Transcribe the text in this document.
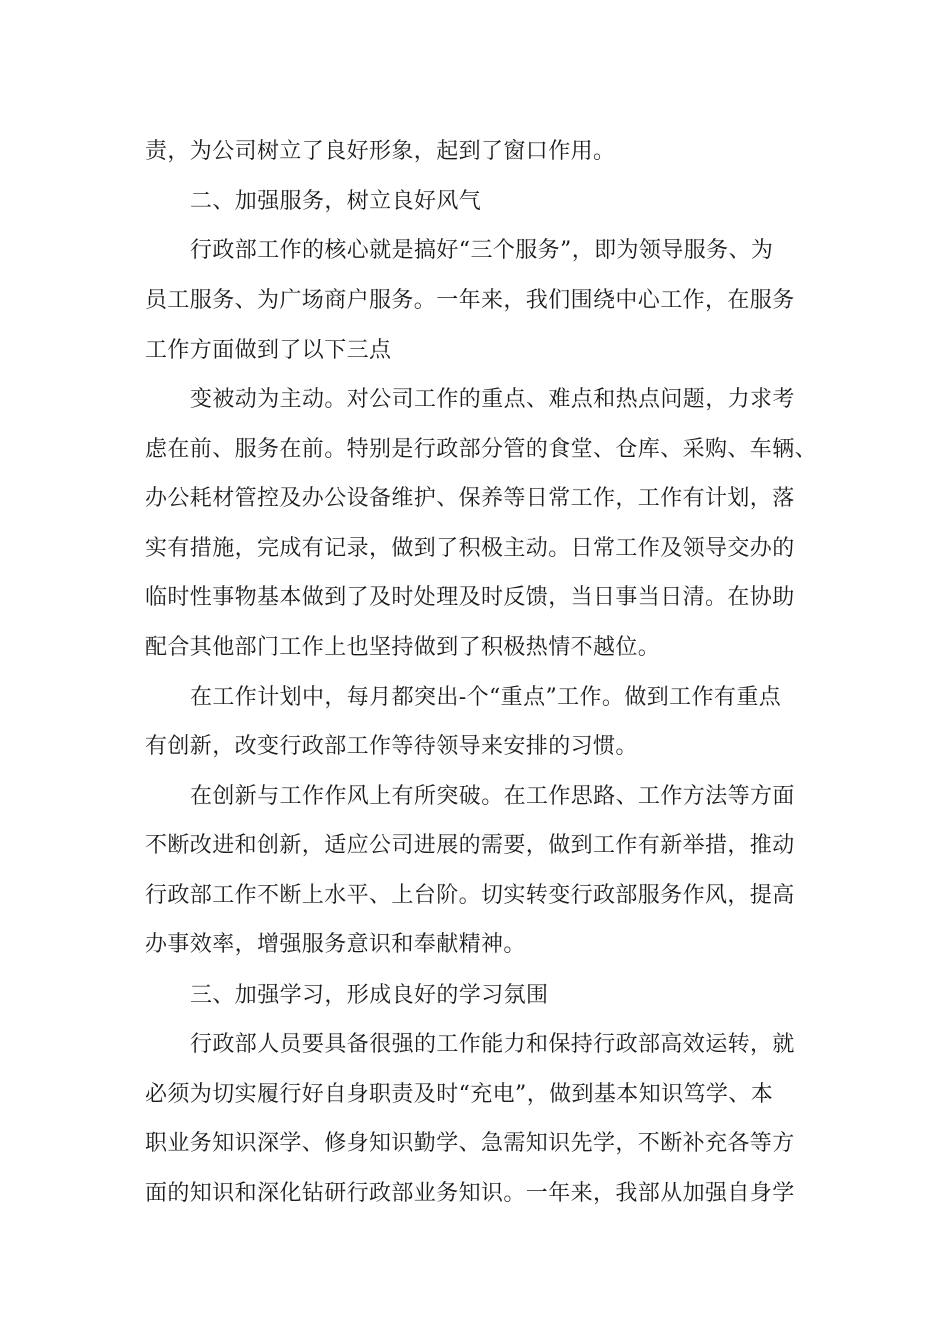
责，为公司树立了良好形象，起到了窗口作用。
二、加强服务，树立良好风气
行政部工作的核心就是搞好“三个服务”，即为领导服务、为
员工服务、为广场商户服务。一年来，我们围绕中心工作，在服务
工作方面做到了以下三点
变被动为主动。对公司工作的重点、难点和热点问题，力求考
虑在前、服务在前。特别是行政部分管的食堂、仓库、采购、车辆、
办公耗材管控及办公设备维护、保养等日常工作，工作有计划，落
实有措施，完成有记录，做到了积极主动。日常工作及领导交办的
临时性事物基本做到了及时处理及时反馈，当日事当日清。在协助
配合其他部门工作上也坚持做到了积极热情不越位。
在工作计划中，每月都突出-个“重点”工作。做到工作有重点
有创新，改变行政部工作等待领导来安排的习惯。
在创新与工作作风上有所突破。在工作思路、工作方法等方面
不断改进和创新，适应公司进展的需要，做到工作有新举措，推动
行政部工作不断上水平、上台阶。切实转变行政部服务作风，提高
办事效率，增强服务意识和奉献精神。
三、加强学习，形成良好的学习氛围
行政部人员要具备很强的工作能力和保持行政部高效运转，就
必须为切实履行好自身职责及时“充电”，做到基本知识笃学、本
职业务知识深学、修身知识勤学、急需知识先学，不断补充各等方
面的知识和深化钻研行政部业务知识。一年来，我部从加强自身学
